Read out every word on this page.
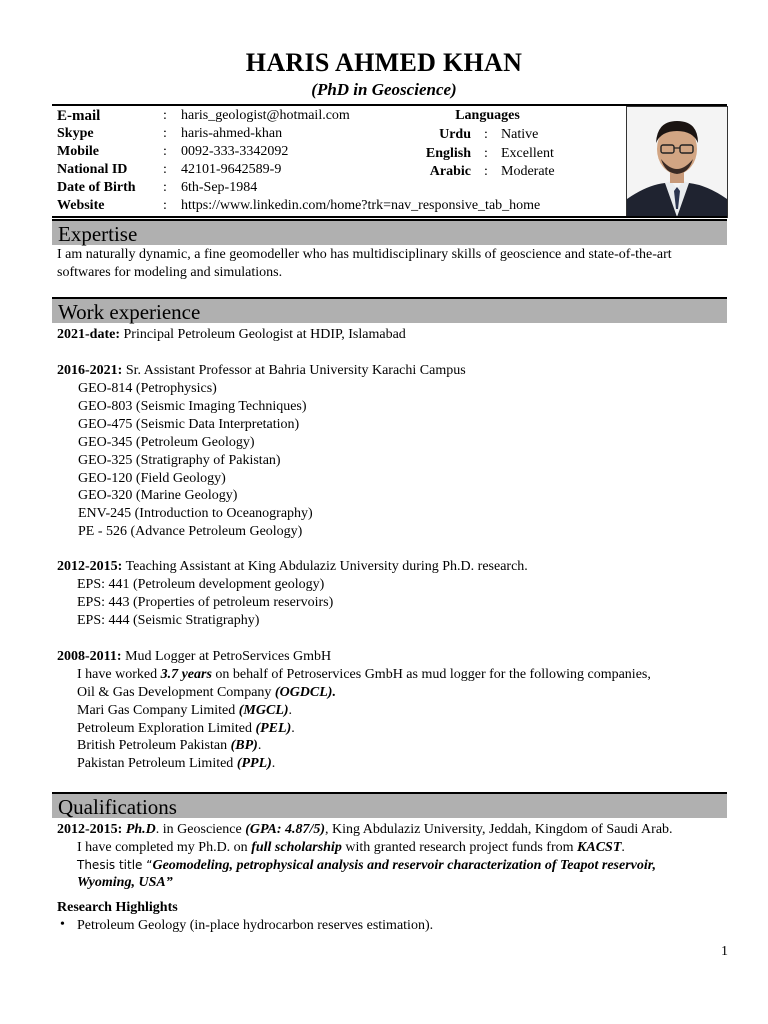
HARIS AHMED KHAN
(PhD in Geoscience)
E-mail	:	haris_geologist@hotmail.com
Skype	:	haris-ahmed-khan
Mobile	:	0092-333-3342092
National ID	:	42101-9642589-9
Date of Birth	:	6th-Sep-1984
Website	:	https://www.linkedin.com/home?trk=nav_responsive_tab_home
Languages
Urdu : Native
English : Excellent
Arabic : Moderate
Expertise
I am naturally dynamic, a fine geomodeller who has multidisciplinary skills of geoscience and state-of-the-art softwares for modeling and simulations.
Work experience
2021-date: Principal Petroleum Geologist at HDIP, Islamabad
2016-2021: Sr. Assistant Professor at Bahria University Karachi Campus
GEO-814 (Petrophysics)
GEO-803 (Seismic Imaging Techniques)
GEO-475 (Seismic Data Interpretation)
GEO-345 (Petroleum Geology)
GEO-325 (Stratigraphy of Pakistan)
GEO-120 (Field Geology)
GEO-320 (Marine Geology)
ENV-245 (Introduction to Oceanography)
PE - 526 (Advance Petroleum Geology)
2012-2015: Teaching Assistant at King Abdulaziz University during Ph.D. research.
EPS: 441 (Petroleum development geology)
EPS: 443 (Properties of petroleum reservoirs)
EPS: 444 (Seismic Stratigraphy)
2008-2011: Mud Logger at PetroServices GmbH
I have worked 3.7 years on behalf of Petroservices GmbH as mud logger for the following companies,
Oil & Gas Development Company (OGDCL).
Mari Gas Company Limited (MGCL).
Petroleum Exploration Limited (PEL).
British Petroleum Pakistan (BP).
Pakistan Petroleum Limited (PPL).
Qualifications
2012-2015: Ph.D. in Geoscience (GPA: 4.87/5), King Abdulaziz University, Jeddah, Kingdom of Saudi Arab.
I have completed my Ph.D. on full scholarship with granted research project funds from KACST.
Thesis title “Geomodeling, petrophysical analysis and reservoir characterization of Teapot reservoir,
Wyoming, USA”
Research Highlights
• Petroleum Geology (in-place hydrocarbon reserves estimation).
1
